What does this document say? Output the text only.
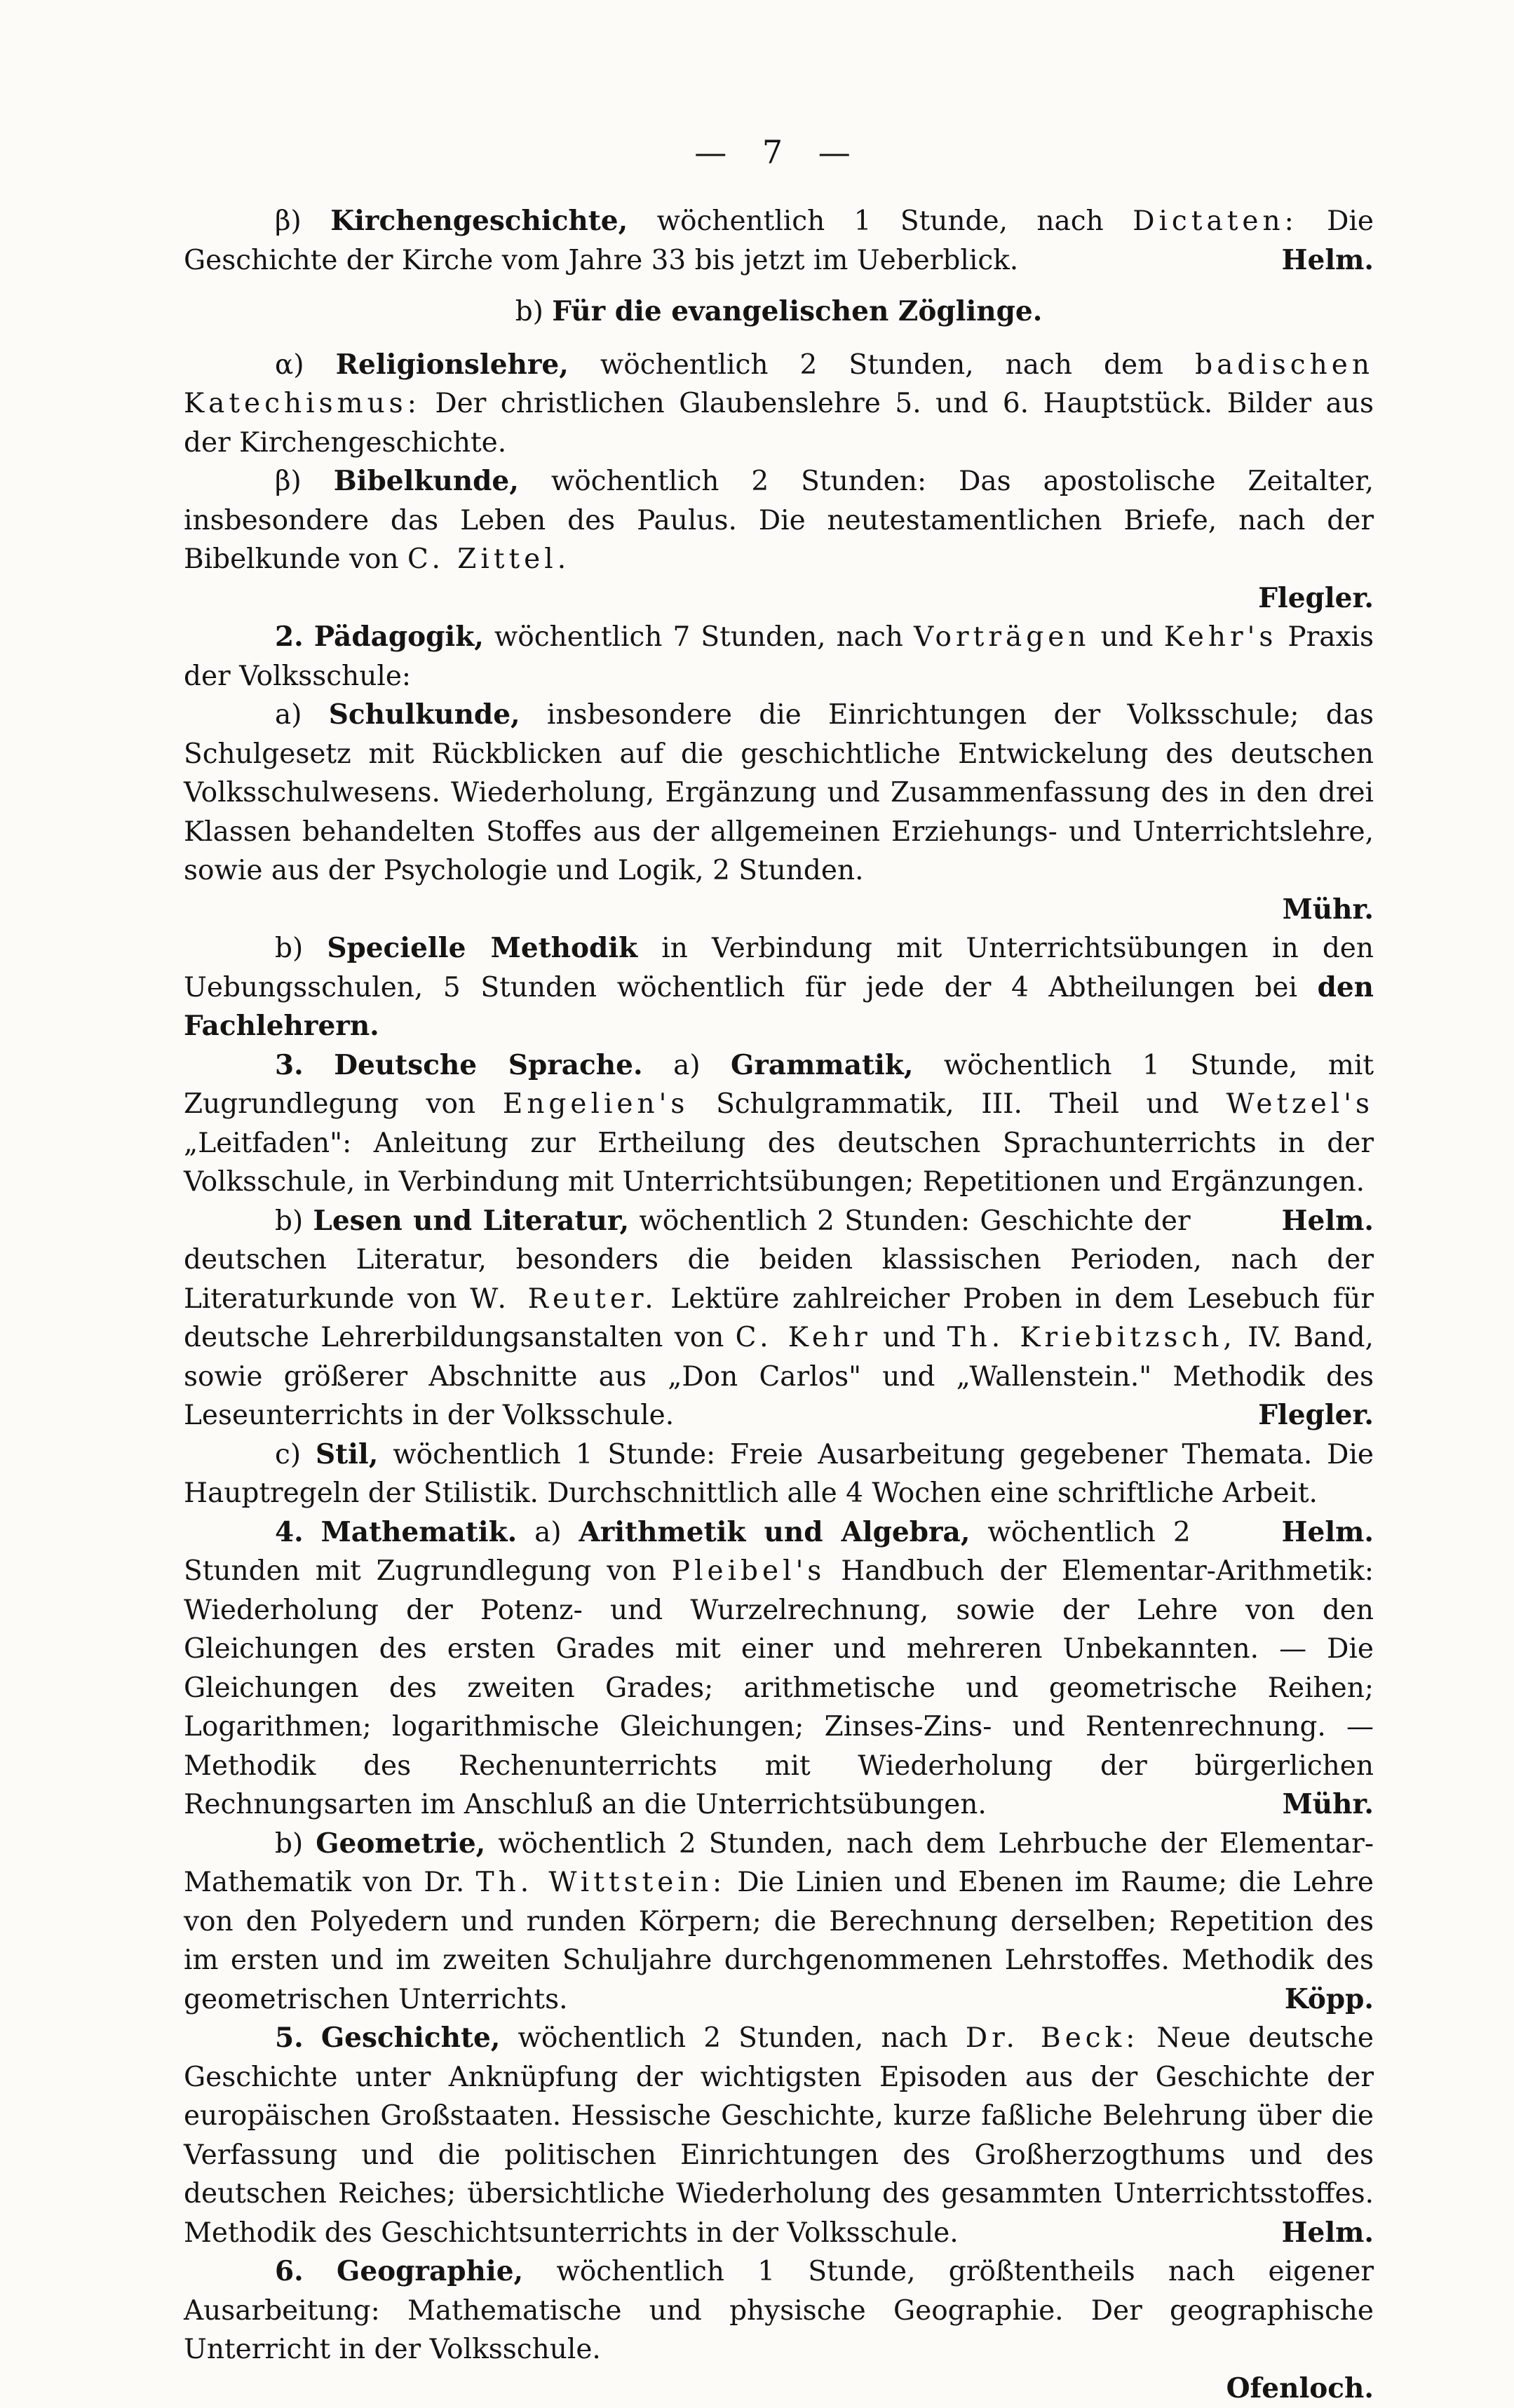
— 7 —

β) Kirchengeschichte, wöchentlich 1 Stunde, nach Dictaten: Die Geschichte der Kirche vom Jahre 33 bis jetzt im Ueberblick.	Helm.

b) Für die evangelischen Zöglinge.

α) Religionslehre, wöchentlich 2 Stunden, nach dem badischen Katechismus: Der christlichen Glaubenslehre 5. und 6. Hauptstück. Bilder aus der Kirchengeschichte.

β) Bibelkunde, wöchentlich 2 Stunden: Das apostolische Zeitalter, insbesondere das Leben des Paulus. Die neutestamentlichen Briefe, nach der Bibelkunde von C. Zittel.

Flegler.

2. Pädagogik, wöchentlich 7 Stunden, nach Vorträgen und Kehr's Praxis der Volksschule:

a) Schulkunde, insbesondere die Einrichtungen der Volksschule; das Schulgesetz mit Rückblicken auf die geschichtliche Entwickelung des deutschen Volksschulwesens. Wiederholung, Ergänzung und Zusammenfassung des in den drei Klassen behandelten Stoffes aus der allgemeinen Erziehungs- und Unterrichtslehre, sowie aus der Psychologie und Logik, 2 Stunden.

Mühr.

b) Specielle Methodik in Verbindung mit Unterrichtsübungen in den Uebungsschulen, 5 Stunden wöchentlich für jede der 4 Abtheilungen bei den Fachlehrern.

3. Deutsche Sprache. a) Grammatik, wöchentlich 1 Stunde, mit Zugrundlegung von Engelien's Schulgrammatik, III. Theil und Wetzel's „Leitfaden": Anleitung zur Ertheilung des deutschen Sprachunterrichts in der Volksschule, in Verbindung mit Unterrichtsübungen; Repetitionen und Ergänzungen.
Helm.

b) Lesen und Literatur, wöchentlich 2 Stunden: Geschichte der deutschen Literatur, besonders die beiden klassischen Perioden, nach der Literaturkunde von W. Reuter. Lektüre zahlreicher Proben in dem Lesebuch für deutsche Lehrerbildungsanstalten von C. Kehr und Th. Kriebitzsch, IV. Band, sowie größerer Abschnitte aus „Don Carlos" und „Wallenstein." Methodik des Leseunterrichts in der Volksschule.	Flegler.

c) Stil, wöchentlich 1 Stunde: Freie Ausarbeitung gegebener Themata. Die Hauptregeln der Stilistik. Durchschnittlich alle 4 Wochen eine schriftliche Arbeit.
Helm.

4. Mathematik. a) Arithmetik und Algebra, wöchentlich 2 Stunden mit Zugrundlegung von Pleibel's Handbuch der Elementar-Arithmetik: Wiederholung der Potenz- und Wurzelrechnung, sowie der Lehre von den Gleichungen des ersten Grades mit einer und mehreren Unbekannten. — Die Gleichungen des zweiten Grades; arithmetische und geometrische Reihen; Logarithmen; logarithmische Gleichungen; Zinses-Zins- und Rentenrechnung. — Methodik des Rechenunterrichts mit Wiederholung der bürgerlichen Rechnungsarten im Anschluß an die Unterrichtsübungen.	Mühr.

b) Geometrie, wöchentlich 2 Stunden, nach dem Lehrbuche der Elementar-Mathematik von Dr. Th. Wittstein: Die Linien und Ebenen im Raume; die Lehre von den Polyedern und runden Körpern; die Berechnung derselben; Repetition des im ersten und im zweiten Schuljahre durchgenommenen Lehrstoffes. Methodik des geometrischen Unterrichts.	Köpp.

5. Geschichte, wöchentlich 2 Stunden, nach Dr. Beck: Neue deutsche Geschichte unter Anknüpfung der wichtigsten Episoden aus der Geschichte der europäischen Großstaaten. Hessische Geschichte, kurze faßliche Belehrung über die Verfassung und die politischen Einrichtungen des Großherzogthums und des deutschen Reiches; übersichtliche Wiederholung des gesammten Unterrichtsstoffes. Methodik des Geschichtsunterrichts in der Volksschule.	Helm.

6. Geographie, wöchentlich 1 Stunde, größtentheils nach eigener Ausarbeitung: Mathematische und physische Geographie. Der geographische Unterricht in der Volksschule.

Ofenloch.
